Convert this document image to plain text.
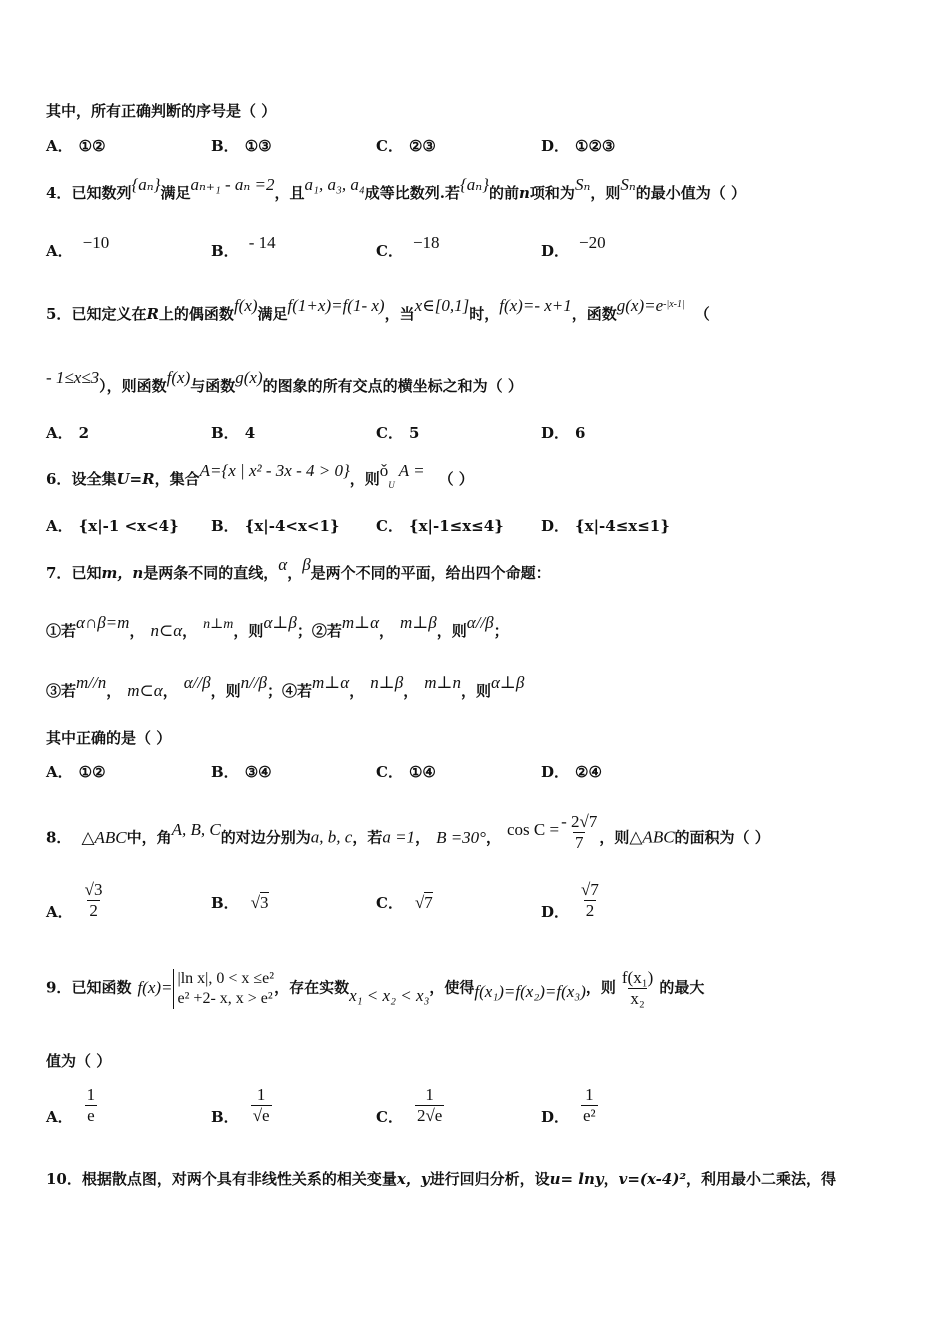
其中，所有正确判断的序号是（ ）
A． ①②	B． ①③	C． ②③	D． ①②③
4．已知数列{aₙ}满足aₙ₊₁ - aₙ =2，且a₁, a₃, a₄成等比数列.若{aₙ}的前n项和为Sₙ，则Sₙ的最小值为（ ）
A． −10	B． - 14	C． −18	D． −20
5．已知定义在R上的偶函数f(x)满足f(1+x)=f(1- x)，当x∈[0,1]时，f(x)=- x+1，函数$g(x)=e^{-|x-1|}$（
- 1≤x≤3），则函数f(x)与函数g(x)的图象的所有交点的横坐标之和为（ ）
A． 2	B． 4	C． 5	D． 6
6．设全集U=R，集合A={x | x² - 3x - 4 > 0}，则$ǒ_UA$ = （ ）
A． {x|-1 <x<4} B． {x|-4<x<1} C． {x|-1≤x≤4} D． {x|-4≤x≤1}
7．已知m，n是两条不同的直线，α，β是两个不同的平面，给出四个命题：
①若α∩β=m， n⊂α， n⊥m，则α⊥β；②若m⊥α， m⊥β，则α//β；
③若m//n， m⊂α， α//β，则n//β；④若m⊥α， n⊥β， m⊥n，则α⊥β
其中正确的是（ ）
A． ①②	B． ③④	C． ①④	D． ②④
8． △ABC中，角A, B, C的对边分别为a, b, c，若a =1， B =30°， $\cos C = \frac{- 2√7}{7}$ ，则△ABC的面积为（ ）
A． $\frac{√3}{2}$	B． √3	C． √7	D． $\frac{√7}{2}$
9．已知函数 f(x)= |ln x|, 0 < x ≤e²
e² +2- x, x > e²
，存在实数x₁ < x₂ < x₃，使得f(x₁)=f(x₂)=f(x₃)，则 $\frac{\text{f(x₁)}}{\text{x₂}}$ 的最大
值为（ ）
A． $\frac{1}{e}$	B． $\frac{1}{√e}$	C． $\frac{1}{2√e}$	D． $\frac{1}{\text{e²}}$
10．根据散点图，对两个具有非线性关系的相关变量x，y进行回归分析，设u= lny，v=(x-4)²，利用最小二乘法，得
